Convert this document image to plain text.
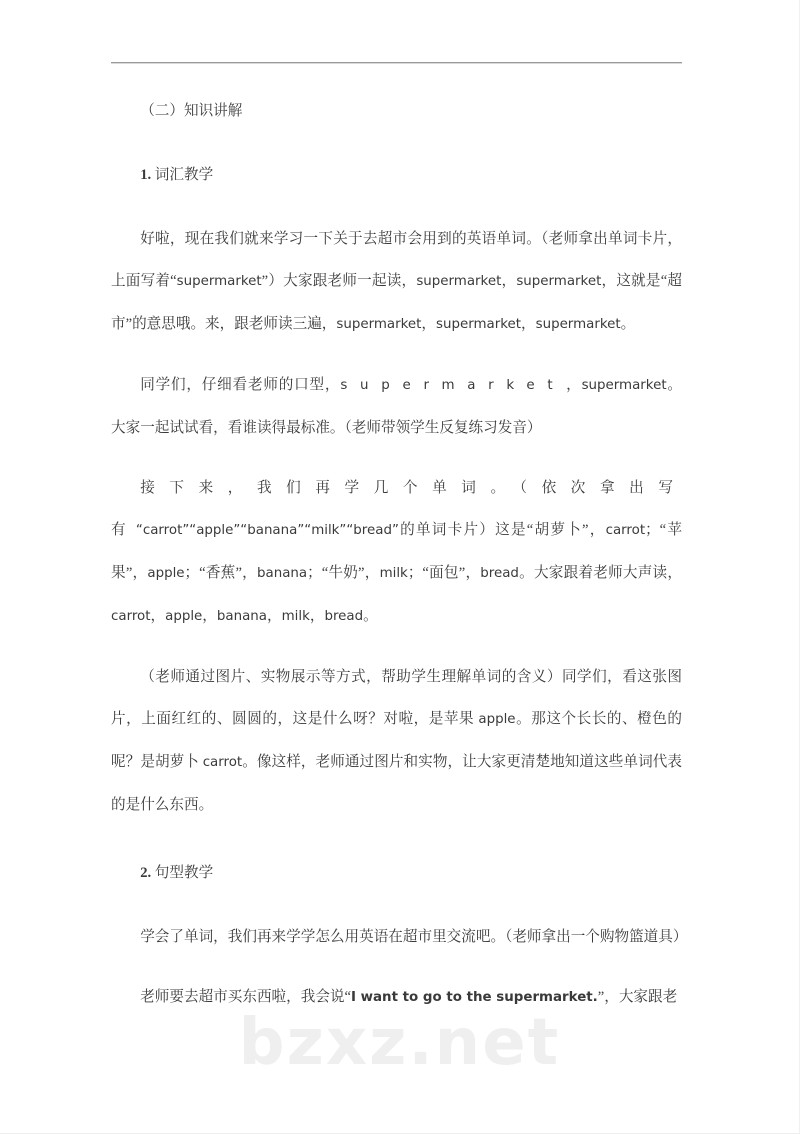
bzxz.net
（二）知识讲解
1. 词汇教学

好啦，现在我们就来学习一下关于去超市会用到的英语单词。（老师拿出单词卡片，上面写着“supermarket”）大家跟老师一起读，supermarket，supermarket，这就是“超市”的意思哦。来，跟老师读三遍，supermarket，supermarket，supermarket。

同学们，仔细看老师的口型，supermarket，supermarket。大家一起试试看，看谁读得最标准。（老师带领学生反复练习发音）

接下来，我们再学几个单词。（依次拿出写有“carrot”“apple”“banana”“milk”“bread”的单词卡片）这是“胡萝卜”，carrot；“苹果”，apple；“香蕉”，banana；“牛奶”，milk；“面包”，bread。大家跟着老师大声读，carrot，apple，banana，milk，bread。

（老师通过图片、实物展示等方式，帮助学生理解单词的含义）同学们，看这张图片，上面红红的、圆圆的，这是什么呀？对啦，是苹果 apple。那这个长长的、橙色的呢？是胡萝卜 carrot。像这样，老师通过图片和实物，让大家更清楚地知道这些单词代表的是什么东西。

2. 句型教学

学会了单词，我们再来学学怎么用英语在超市里交流吧。（老师拿出一个购物篮道具）

老师要去超市买东西啦，我会说“I want to go to the supermarket.”，大家跟老
